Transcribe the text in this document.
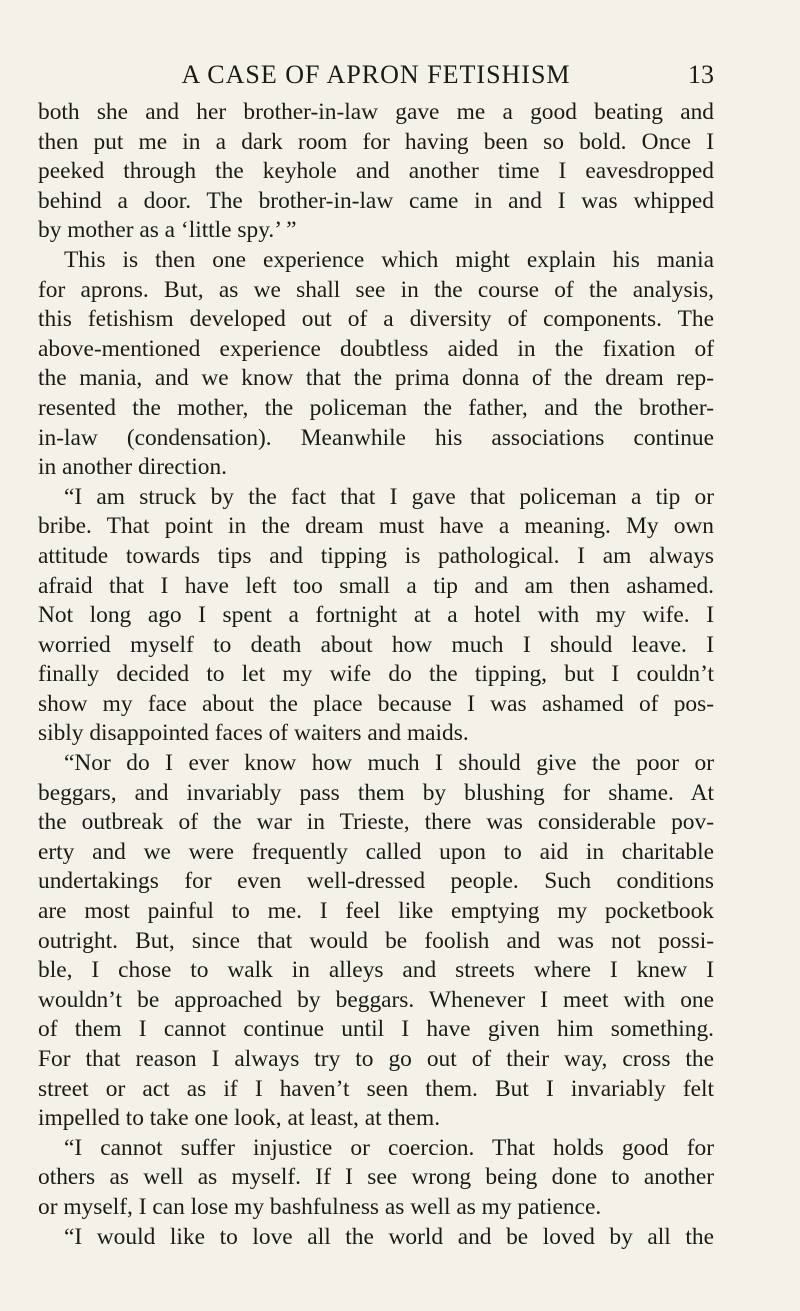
A CASE OF APRON FETISHISM	13
both she and her brother-in-law gave me a good beating and
then put me in a dark room for having been so bold. Once I
peeked through the keyhole and another time I eavesdropped
behind a door. The brother-in-law came in and I was whipped
by mother as a ‘little spy.’ ”
This is then one experience which might explain his mania
for aprons. But, as we shall see in the course of the analysis,
this fetishism developed out of a diversity of components. The
above-mentioned experience doubtless aided in the fixation of
the mania, and we know that the prima donna of the dream rep-
resented the mother, the policeman the father, and the brother-
in-law (condensation). Meanwhile his associations continue
in another direction.
“I am struck by the fact that I gave that policeman a tip or
bribe. That point in the dream must have a meaning. My own
attitude towards tips and tipping is pathological. I am always
afraid that I have left too small a tip and am then ashamed.
Not long ago I spent a fortnight at a hotel with my wife. I
worried myself to death about how much I should leave. I
finally decided to let my wife do the tipping, but I couldn’t
show my face about the place because I was ashamed of pos-
sibly disappointed faces of waiters and maids.
“Nor do I ever know how much I should give the poor or
beggars, and invariably pass them by blushing for shame. At
the outbreak of the war in Trieste, there was considerable pov-
erty and we were frequently called upon to aid in charitable
undertakings for even well-dressed people. Such conditions
are most painful to me. I feel like emptying my pocketbook
outright. But, since that would be foolish and was not possi-
ble, I chose to walk in alleys and streets where I knew I
wouldn’t be approached by beggars. Whenever I meet with one
of them I cannot continue until I have given him something.
For that reason I always try to go out of their way, cross the
street or act as if I haven’t seen them. But I invariably felt
impelled to take one look, at least, at them.
“I cannot suffer injustice or coercion. That holds good for
others as well as myself. If I see wrong being done to another
or myself, I can lose my bashfulness as well as my patience.
“I would like to love all the world and be loved by all the
